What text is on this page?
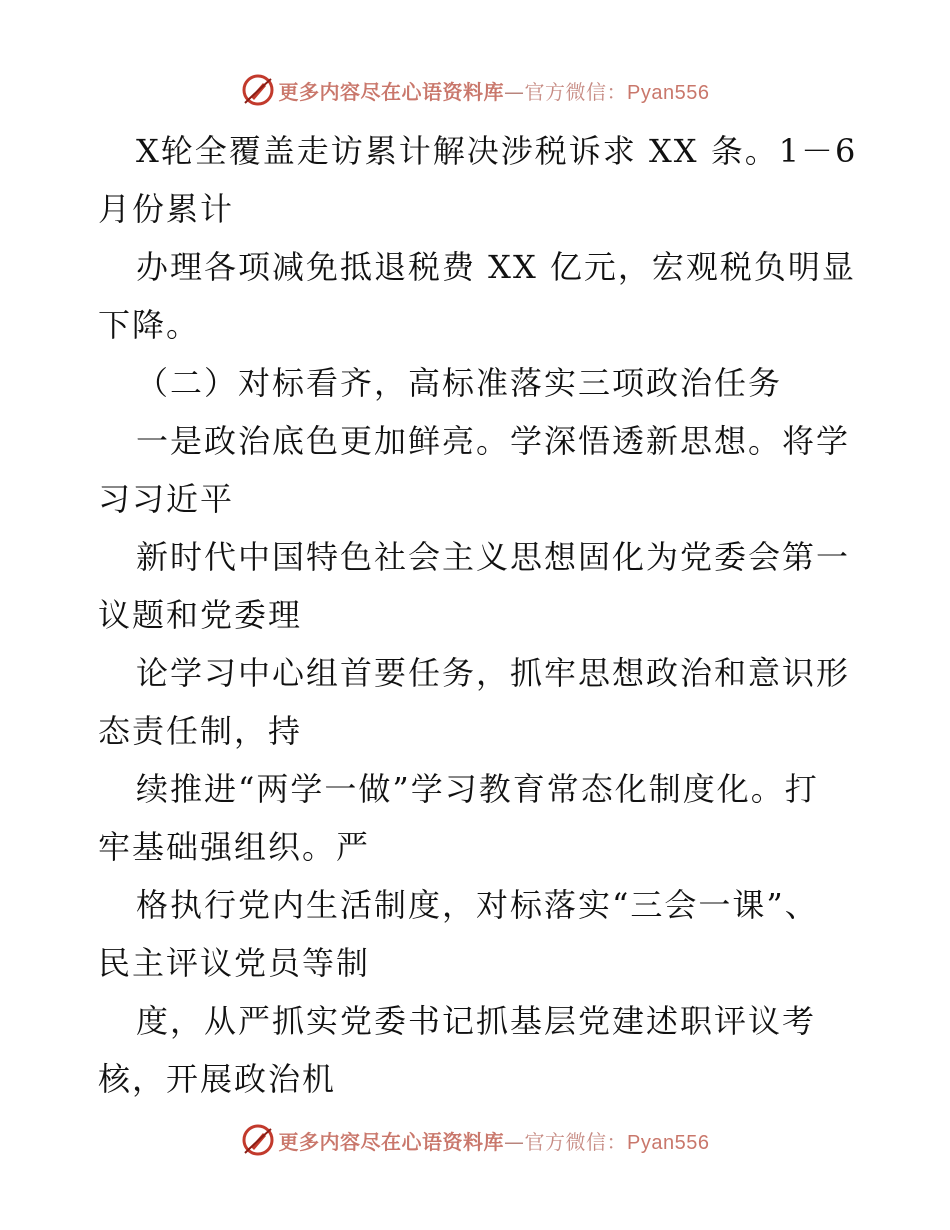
更多内容尽在心语资料库—官方微信：Pyan556

X轮全覆盖走访累计解决涉税诉求 XX 条。1－6
月份累计

办理各项减免抵退税费 XX 亿元，宏观税负明显
下降。

（二）对标看齐，高标准落实三项政治任务

一是政治底色更加鲜亮。学深悟透新思想。将学
习习近平

新时代中国特色社会主义思想固化为党委会第一
议题和党委理

论学习中心组首要任务，抓牢思想政治和意识形
态责任制，持

续推进“两学一做”学习教育常态化制度化。打
牢基础强组织。严

格执行党内生活制度，对标落实“三会一课”、
民主评议党员等制

度，从严抓实党委书记抓基层党建述职评议考
核，开展政治机

更多内容尽在心语资料库—官方微信：Pyan556
